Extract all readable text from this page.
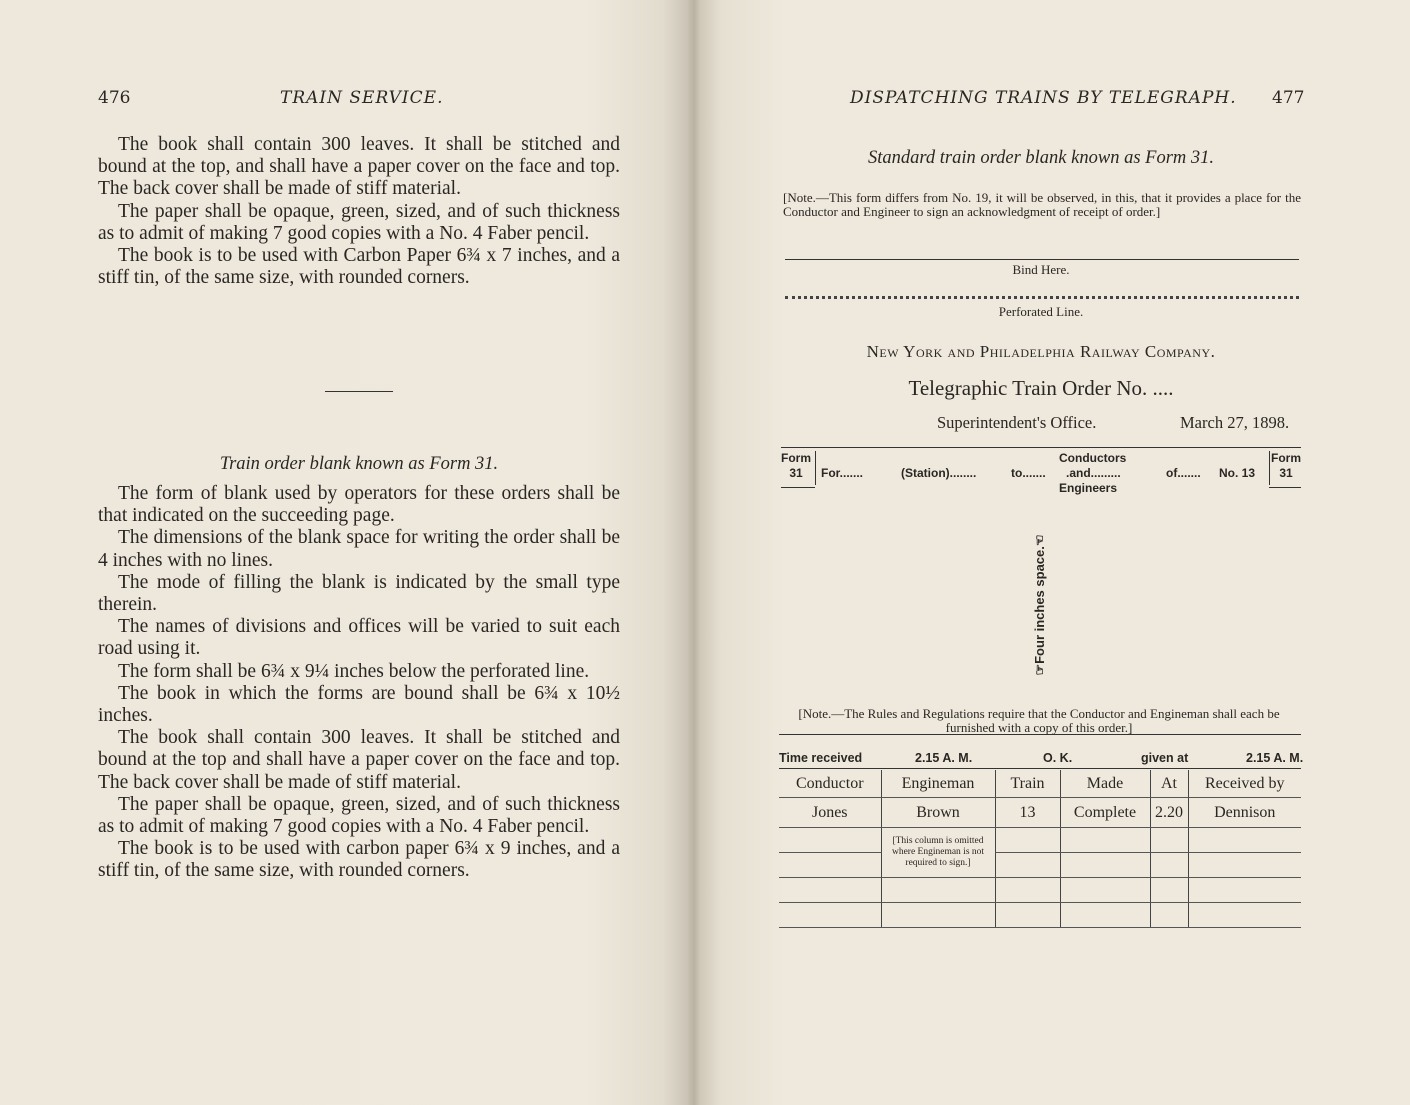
476	TRAIN SERVICE.

The book shall contain 300 leaves. It shall be stitched and bound at the top, and shall have a paper cover on the face and top. The back cover shall be made of stiff material.

The paper shall be opaque, green, sized, and of such thickness as to admit of making 7 good copies with a No. 4 Faber pencil.

The book is to be used with Carbon Paper 6¾ x 7 inches, and a stiff tin, of the same size, with rounded corners.

Train order blank known as Form 31.

The form of blank used by operators for these orders shall be that indicated on the succeeding page.

The dimensions of the blank space for writing the order shall be 4 inches with no lines.

The mode of filling the blank is indicated by the small type therein.

The names of divisions and offices will be varied to suit each road using it.

The form shall be 6¾ x 9¼ inches below the perforated line.

The book in which the forms are bound shall be 6¾ x 10½ inches.

The book shall contain 300 leaves. It shall be stitched and bound at the top and shall have a paper cover on the face and top. The back cover shall be made of stiff material.

The paper shall be opaque, green, sized, and of such thickness as to admit of making 7 good copies with a No. 4 Faber pencil.

The book is to be used with carbon paper 6¾ x 9 inches, and a stiff tin, of the same size, with rounded corners.

DISPATCHING TRAINS BY TELEGRAPH. 477
Standard train order blank known as Form 31.
[Note.—This form differs from No. 19, it will be observed, in this, that it provides a place for the Conductor and Engineer to sign an acknowledgment of receipt of order.]
Bind Here.
Perforated Line.
New York and Philadelphia Railway Company.
Telegraphic Train Order No. ....
Superintendent's Office.	March 27, 1898.
Form
31	For.......	(Station)........	to.......
Conductors
.and.........
Engineers
of....... No. 13
Form
31
☞Four inches space.☜
[Note.—The Rules and Regulations require that the Conductor and Engineman shall each be furnished with a copy of this order.]
Time received	2.15 A. M.	O. K.	given at	2.15 A. M.
Conductor	Engineman	Train	Made	At	Received by
Jones	Brown	13	Complete	2.20	Dennison
	[This column is omitted where Engineman is not required to sign.]				
